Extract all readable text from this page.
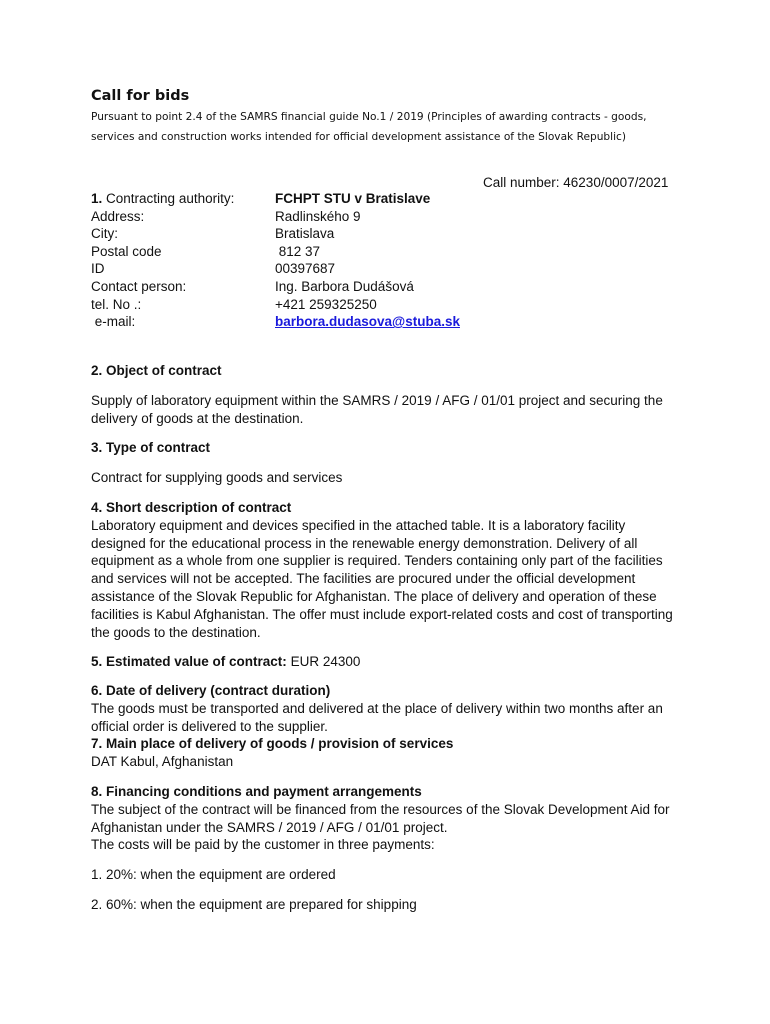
Call for bids

Pursuant to point 2.4 of the SAMRS financial guide No.1 / 2019 (Principles of awarding contracts - goods, services and construction works intended for official development assistance of the Slovak Republic)

Call number: 46230/0007/2021
1. Contracting authority:	FCHPT STU v Bratislave
Address:	Radlinského 9
City:	Bratislava
Postal code	812 37
ID	00397687
Contact person:	Ing. Barbora Dudášová
tel. No .:	+421 259325250
e-mail:	barbora.dudasova@stuba.sk

2. Object of contract

Supply of laboratory equipment within the SAMRS / 2019 / AFG / 01/01 project and securing the delivery of goods at the destination.

3. Type of contract

Contract for supplying goods and services

4. Short description of contract

Laboratory equipment and devices specified in the attached table. It is a laboratory facility designed for the educational process in the renewable energy demonstration. Delivery of all equipment as a whole from one supplier is required. Tenders containing only part of the facilities and services will not be accepted. The facilities are procured under the official development assistance of the Slovak Republic for Afghanistan. The place of delivery and operation of these facilities is Kabul Afghanistan. The offer must include export-related costs and cost of transporting the goods to the destination.

5. Estimated value of contract: EUR 24300

6. Date of delivery (contract duration)

The goods must be transported and delivered at the place of delivery within two months after an official order is delivered to the supplier.

7. Main place of delivery of goods / provision of services

DAT Kabul, Afghanistan

8. Financing conditions and payment arrangements

The subject of the contract will be financed from the resources of the Slovak Development Aid for Afghanistan under the SAMRS / 2019 / AFG / 01/01 project.

The costs will be paid by the customer in three payments:

1. 20%: when the equipment are ordered

2. 60%: when the equipment are prepared for shipping
